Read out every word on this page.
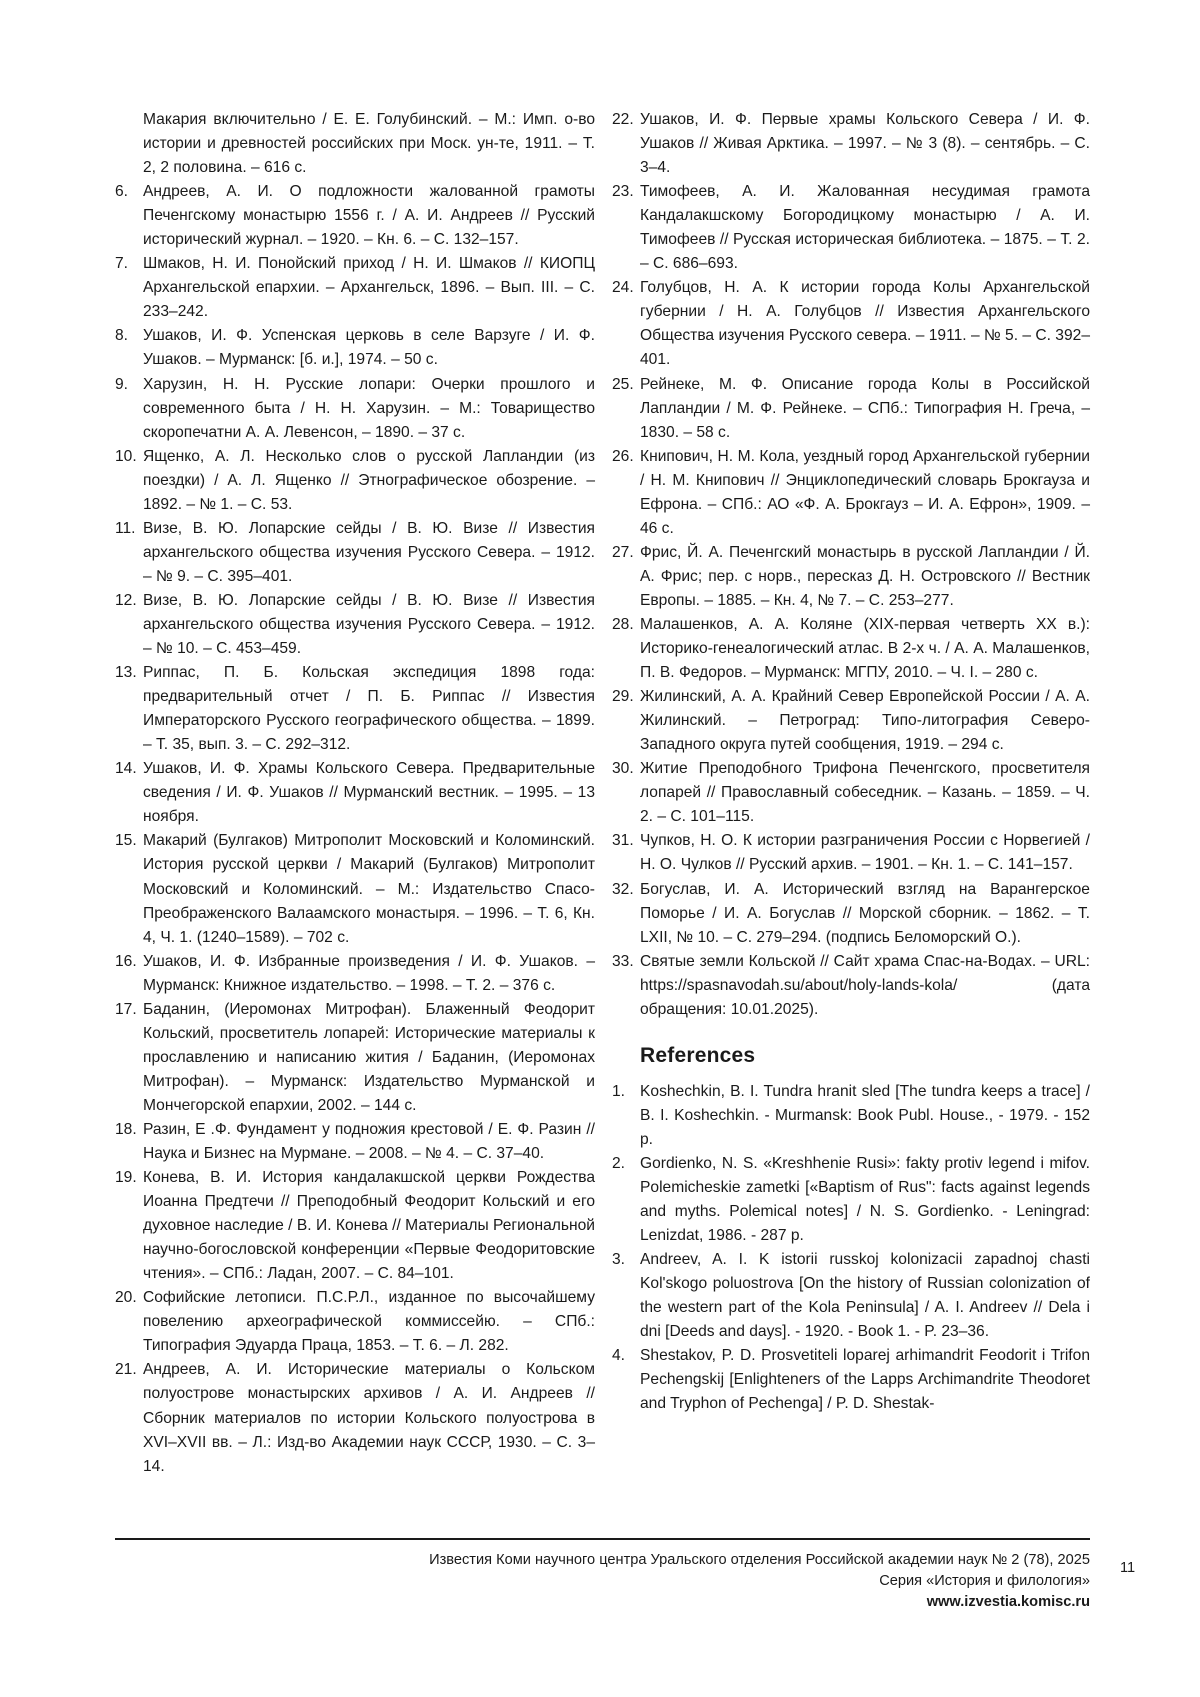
Макария включительно / Е. Е. Голубинский. – М.: Имп. о-во истории и древностей российских при Моск. ун-те, 1911. – Т. 2, 2 половина. – 616 с.
6. Андреев, А. И. О подложности жалованной грамоты Печенгскому монастырю 1556 г. / А. И. Андреев // Русский исторический журнал. – 1920. – Кн. 6. – С. 132–157.
7. Шмаков, Н. И. Понойский приход / Н. И. Шмаков // КИОПЦ Архангельской епархии. – Архангельск, 1896. – Вып. III. – С. 233–242.
8. Ушаков, И. Ф. Успенская церковь в селе Варзуге / И. Ф. Ушаков. – Мурманск: [б. и.], 1974. – 50 с.
9. Харузин, Н. Н. Русские лопари: Очерки прошлого и современного быта / Н. Н. Харузин. – М.: Товарищество скоропечатни А. А. Левенсон, – 1890. – 37 с.
10. Ященко, А. Л. Несколько слов о русской Лапландии (из поездки) / А. Л. Ященко // Этнографическое обозрение. – 1892. – № 1. – С. 53.
11. Визе, В. Ю. Лопарские сейды / В. Ю. Визе // Известия архангельского общества изучения Русского Севера. – 1912. – № 9. – С. 395–401.
12. Визе, В. Ю. Лопарские сейды / В. Ю. Визе // Известия архангельского общества изучения Русского Севера. – 1912. – № 10. – С. 453–459.
13. Риппас, П. Б. Кольская экспедиция 1898 года: предварительный отчет / П. Б. Риппас // Известия Императорского Русского географического общества. – 1899. – Т. 35, вып. 3. – С. 292–312.
14. Ушаков, И. Ф. Храмы Кольского Севера. Предварительные сведения / И. Ф. Ушаков // Мурманский вестник. – 1995. – 13 ноября.
15. Макарий (Булгаков) Митрополит Московский и Коломинский. История русской церкви / Макарий (Булгаков) Митрополит Московский и Коломинский. – М.: Издательство Спасо-Преображенского Валаамского монастыря. – 1996. – Т. 6, Кн. 4, Ч. 1. (1240–1589). – 702 с.
16. Ушаков, И. Ф. Избранные произведения / И. Ф. Ушаков. – Мурманск: Книжное издательство. – 1998. – Т. 2. – 376 с.
17. Баданин, (Иеромонах Митрофан). Блаженный Феодорит Кольский, просветитель лопарей: Исторические материалы к прославлению и написанию жития / Баданин, (Иеромонах Митрофан). – Мурманск: Издательство Мурманской и Мончегорской епархии, 2002. – 144 с.
18. Разин, Е .Ф. Фундамент у подножия крестовой / Е. Ф. Разин // Наука и Бизнес на Мурмане. – 2008. – № 4. – С. 37–40.
19. Конева, В. И. История кандалакшской церкви Рождества Иоанна Предтечи // Преподобный Феодорит Кольский и его духовное наследие / В. И. Конева // Материалы Региональной научно-богословской конференции «Первые Феодоритовские чтения». – СПб.: Ладан, 2007. – С. 84–101.
20. Софийские летописи. П.С.Р.Л., изданное по высочайшему повелению археографической коммиссейю. – СПб.: Типография Эдуарда Праца, 1853. – Т. 6. – Л. 282.
21. Андреев, А. И. Исторические материалы о Кольском полуострове монастырских архивов / А. И. Андреев // Сборник материалов по истории Кольского полуострова в XVI–XVII вв. – Л.: Изд-во Академии наук СССР, 1930. – С. 3–14.
22. Ушаков, И. Ф. Первые храмы Кольского Севера / И. Ф. Ушаков // Живая Арктика. – 1997. – № 3 (8). – сентябрь. – С. 3–4.
23. Тимофеев, А. И. Жалованная несудимая грамота Кандалакшскому Богородицкому монастырю / А. И. Тимофеев // Русская историческая библиотека. – 1875. – Т. 2. – С. 686–693.
24. Голубцов, Н. А. К истории города Колы Архангельской губернии / Н. А. Голубцов // Известия Архангельского Общества изучения Русского севера. – 1911. – № 5. – С. 392–401.
25. Рейнеке, М. Ф. Описание города Колы в Российской Лапландии / М. Ф. Рейнеке. – СПб.: Типография Н. Греча, – 1830. – 58 с.
26. Книпович, Н. М. Кола, уездный город Архангельской губернии / Н. М. Книпович // Энциклопедический словарь Брокгауза и Ефрона. – СПб.: АО «Ф. А. Брокгауз – И. А. Ефрон», 1909. – 46 с.
27. Фрис, Й. А. Печенгский монастырь в русской Лапландии / Й. А. Фрис; пер. с норв., пересказ Д. Н. Островского // Вестник Европы. – 1885. – Кн. 4, № 7. – С. 253–277.
28. Малашенков, А. А. Коляне (XIX-первая четверть XX в.): Историко-генеалогический атлас. В 2-х ч. / А. А. Малашенков, П. В. Федоров. – Мурманск: МГПУ, 2010. – Ч. I. – 280 с.
29. Жилинский, А. А. Крайний Север Европейской России / А. А. Жилинский. – Петроград: Типо-литография Северо-Западного округа путей сообщения, 1919. – 294 с.
30. Житие Преподобного Трифона Печенгского, просветителя лопарей // Православный собеседник. – Казань. – 1859. – Ч. 2. – С. 101–115.
31. Чупков, Н. О. К истории разграничения России с Норвегией / Н. О. Чулков // Русский архив. – 1901. – Кн. 1. – С. 141–157.
32. Богуслав, И. А. Исторический взгляд на Варангерское Поморье / И. А. Богуслав // Морской сборник. – 1862. – Т. LXII, № 10. – С. 279–294. (подпись Беломорский О.).
33. Святые земли Кольской // Сайт храма Спас-на-Водах. – URL: https://spasnavodah.su/about/holy-lands-kola/ (дата обращения: 10.01.2025).
References
1. Koshechkin, B. I. Tundra hranit sled [The tundra keeps a trace] / B. I. Koshechkin. - Murmansk: Book Publ. House., - 1979. - 152 p.
2. Gordienko, N. S. «Kreshhenie Rusi»: fakty protiv legend i mifov. Polemicheskie zametki [«Baptism of Rus": facts against legends and myths. Polemical notes] / N. S. Gordienko. - Leningrad: Lenizdat, 1986. - 287 p.
3. Andreev, A. I. K istorii russkoj kolonizacii zapadnoj chasti Kol'skogo poluostrova [On the history of Russian colonization of the western part of the Kola Peninsula] / A. I. Andreev // Dela i dni [Deeds and days]. - 1920. - Book 1. - P. 23–36.
4. Shestakov, P. D. Prosvetiteli loparej arhimandrit Feodorit i Trifon Pechengskij [Enlighteners of the Lapps Archimandrite Theodoret and Tryphon of Pechenga] / P. D. Shestak-
Известия Коми научного центра Уральского отделения Российской академии наук № 2 (78), 2025
Серия «История и филология»
www.izvestia.komisc.ru
11
